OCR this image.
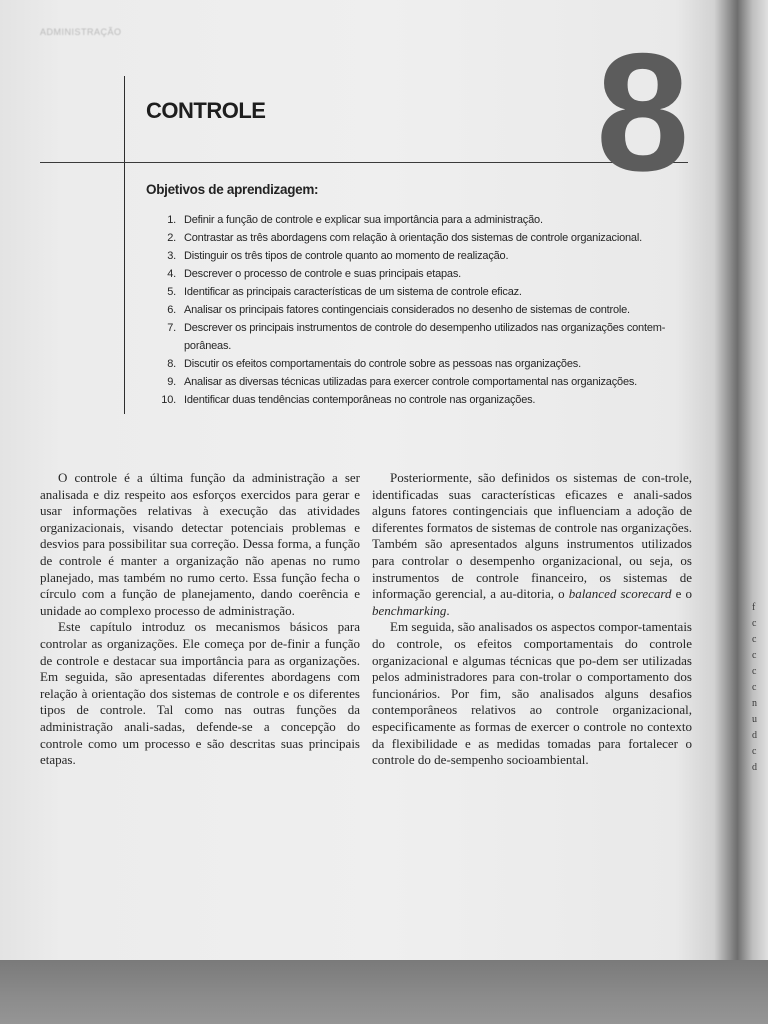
ADMINISTRAÇÃO	8
CONTROLE
Objetivos de aprendizagem:
1. Definir a função de controle e explicar sua importância para a administração.
2. Contrastar as três abordagens com relação à orientação dos sistemas de controle organizacional.
3. Distinguir os três tipos de controle quanto ao momento de realização.
4. Descrever o processo de controle e suas principais etapas.
5. Identificar as principais características de um sistema de controle eficaz.
6. Analisar os principais fatores contingenciais considerados no desenho de sistemas de controle.
7. Descrever os principais instrumentos de controle do desempenho utilizados nas organizações contem-porâneas.
8. Discutir os efeitos comportamentais do controle sobre as pessoas nas organizações.
9. Analisar as diversas técnicas utilizadas para exercer controle comportamental nas organizações.
10. Identificar duas tendências contemporâneas no controle nas organizações.

O controle é a última função da administração a ser analisada e diz respeito aos esforços exercidos para gerar e usar informações relativas à execução das atividades organizacionais, visando detectar potenciais problemas e desvios para possibilitar sua correção. Dessa forma, a função de controle é manter a organização não apenas no rumo planejado, mas também no rumo certo. Essa função fecha o círculo com a função de planejamento, dando coerência e unidade ao complexo processo de administração.

Este capítulo introduz os mecanismos básicos para controlar as organizações. Ele começa por de-finir a função de controle e destacar sua importância para as organizações. Em seguida, são apresentadas diferentes abordagens com relação à orientação dos sistemas de controle e os diferentes tipos de controle. Tal como nas outras funções da administração anali-sadas, defende-se a concepção do controle como um processo e são descritas suas principais etapas.

Posteriormente, são definidos os sistemas de con-trole, identificadas suas características eficazes e anali-sados alguns fatores contingenciais que influenciam a adoção de diferentes formatos de sistemas de controle nas organizações. Também são apresentados alguns instrumentos utilizados para controlar o desempenho organizacional, ou seja, os instrumentos de controle financeiro, os sistemas de informação gerencial, a au-ditoria, o balanced scorecard e o benchmarking.

Em seguida, são analisados os aspectos compor-tamentais do controle, os efeitos comportamentais do controle organizacional e algumas técnicas que po-dem ser utilizadas pelos administradores para con-trolar o comportamento dos funcionários. Por fim, são analisados alguns desafios contemporâneos relativos ao controle organizacional, especificamente as formas de exercer o controle no contexto da flexibilidade e as medidas tomadas para fortalecer o controle do de-sempenho socioambiental.

f
c
c
c
c
c
n
u
d
c
d
